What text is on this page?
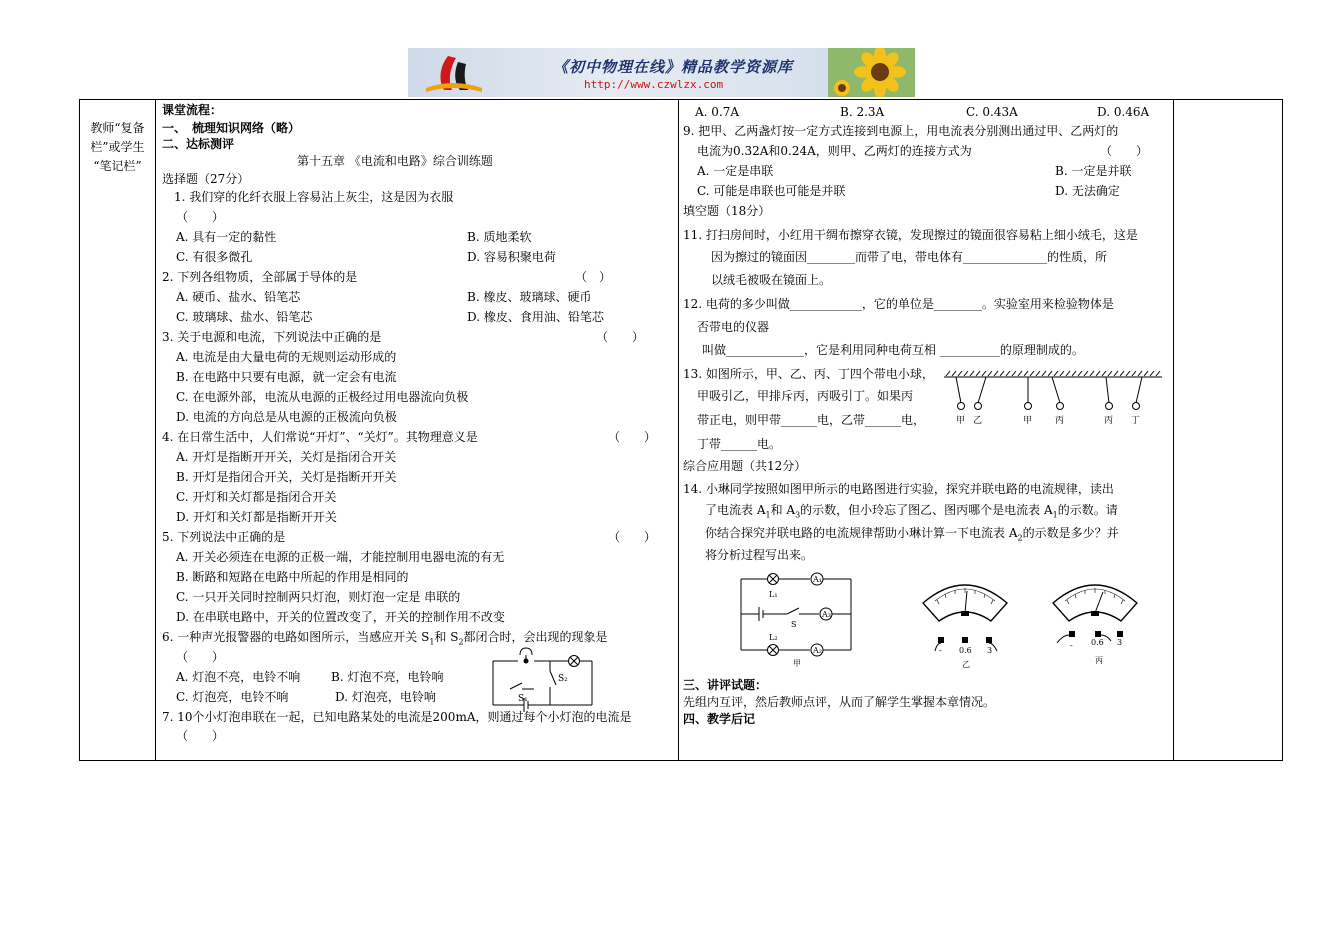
《初中物理在线》精品教学资源库
http://www.czwlzx.com
教师“复备
栏”或学生
“笔记栏”
课堂流程：
一、　梳理知识网络（略）
二、达标测评
第十五章 《电流和电路》综合训练题
选择题（27分）
1. 我们穿的化纤衣服上容易沾上灰尘，这是因为衣服
（　　）
A. 具有一定的黏性	B. 质地柔软
C. 有很多微孔	D. 容易积聚电荷
2. 下列各组物质，全部属于导体的是	（　）
A. 硬币、盐水、铅笔芯	B. 橡皮、玻璃球、硬币
C. 玻璃球、盐水、铅笔芯	D. 橡皮、食用油、铅笔芯
3. 关于电源和电流，下列说法中正确的是	（　　）
A. 电流是由大量电荷的无规则运动形成的
B. 在电路中只要有电源，就一定会有电流
C. 在电源外部，电流从电源的正极经过用电器流向负极
D. 电流的方向总是从电源的正极流向负极
4. 在日常生活中，人们常说“开灯”、“关灯”。其物理意义是	（　　）
A. 开灯是指断开开关，关灯是指闭合开关
B. 开灯是指闭合开关，关灯是指断开开关
C. 开灯和关灯都是指闭合开关
D. 开灯和关灯都是指断开开关
5. 下列说法中正确的是	（　　）
A. 开关必须连在电源的正极一端，才能控制用电器电流的有无
B. 断路和短路在电路中所起的作用是相同的
C. 一只开关同时控制两只灯泡，则灯泡一定是 串联的
D. 在串联电路中，开关的位置改变了，开关的控制作用不改变
6. 一种声光报警器的电路如图所示，当感应开关 $S_1$和 $S_2$都闭合时，会出现的现象是
（　　）
A. 灯泡不亮，电铃不响	B. 灯泡不亮，电铃响
C. 灯泡亮，电铃不响	D. 灯泡亮，电铃响
S₂
S₁
7. 10个小灯泡串联在一起，已知电路某处的电流是200mA，则通过每个小灯泡的电流是
（　　）
A. 0.7A	B. 2.3A	C. 0.43A	D. 0.46A
9. 把甲、乙两盏灯按一定方式连接到电源上，用电流表分别测出通过甲、乙两灯的
电流为0.32A和0.24A，则甲、乙两灯的连接方式为	（　　）
A. 一定是串联	B. 一定是并联
C. 可能是串联也可能是并联	D. 无法确定
填空题（18分）
11. 打扫房间时，小红用干绸布擦穿衣镜，发现擦过的镜面很容易粘上细小绒毛，这是
因为擦过的镜面因________而带了电，带电体有______________的性质，所
以绒毛被吸在镜面上。
12. 电荷的多少叫做____________，它的单位是________。实验室用来检验物体是
否带电的仪器
叫做_____________，它是利用同种电荷互相 __________的原理制成的。
13. 如图所示，甲、乙、丙、丁四个带电小球，
甲吸引乙，甲排斥丙，丙吸引丁。如果丙
带正电，则甲带______电，乙带______电，
丁带______电。
甲 乙	甲	丙	丙 丁
综合应用题（共12分）
14. 小琳同学按照如图甲所示的电路图进行实验，探究并联电路的电流规律，读出
了电流表 $A_1$和 $A_3$的示数，但小玲忘了图乙、图丙哪个是电流表 $A_1$的示数。请
你结合探究并联电路的电流规律帮助小琳计算一下电流表 $A_2$的示数是多少？并
将分析过程写出来。
A₁
A₃
A₂
L₁
S
L₂
甲
- 0.6 3
乙
- 0.6 3
丙
三、讲评试题：
先组内互评，然后教师点评，从而了解学生掌握本章情况。
四、教学后记
